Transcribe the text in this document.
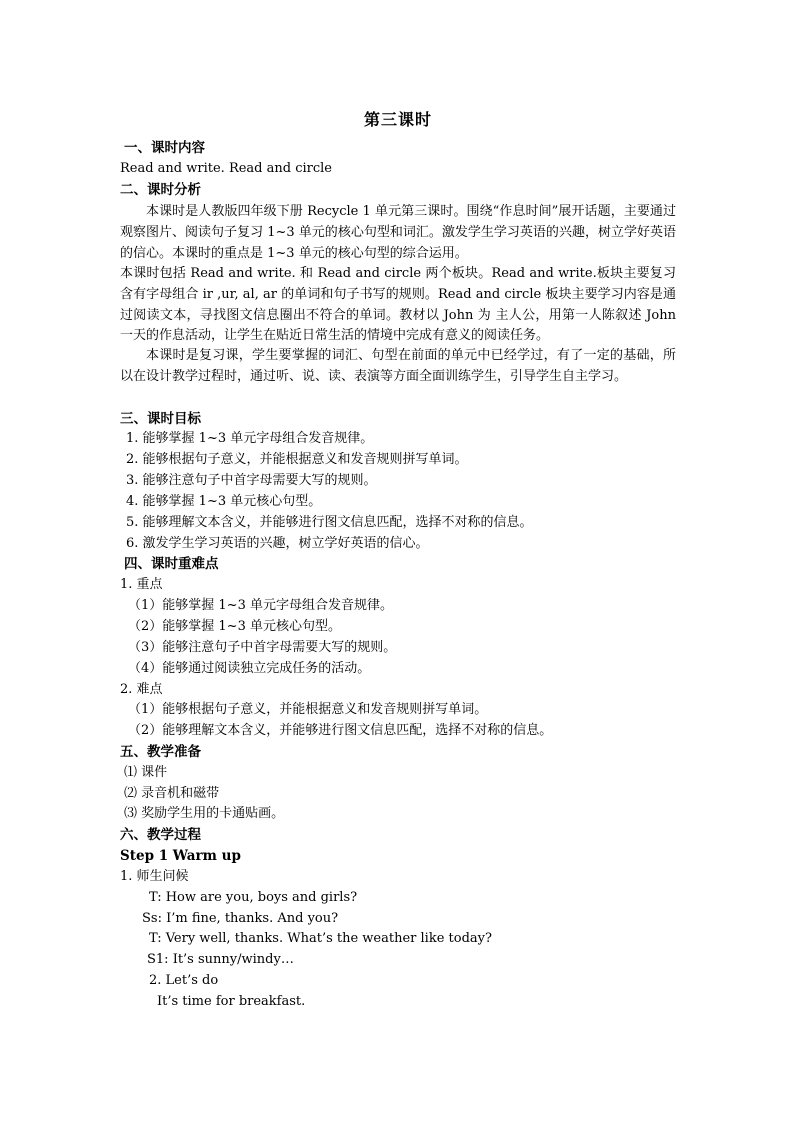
第三课时
一、课时内容
Read and write. Read and circle
二、课时分析
本课时是人教版四年级下册 Recycle 1 单元第三课时。围绕“作息时间”展开话题，主要通过观察图片、阅读句子复习 1~3 单元的核心句型和词汇。激发学生学习英语的兴趣，树立学好英语的信心。本课时的重点是 1~3 单元的核心句型的综合运用。
本课时包括 Read and write. 和 Read and circle 两个板块。Read and write.板块主要复习含有字母组合 ir ,ur, al, ar 的单词和句子书写的规则。Read and circle 板块主要学习内容是通过阅读文本，寻找图文信息圈出不符合的单词。教材以 John 为 主人公，用第一人陈叙述 John 一天的作息活动，让学生在贴近日常生活的情境中完成有意义的阅读任务。
本课时是复习课，学生要掌握的词汇、句型在前面的单元中已经学过，有了一定的基础，所以在设计教学过程时，通过听、说、读、表演等方面全面训练学生，引导学生自主学习。
三、课时目标
1. 能够掌握 1~3 单元字母组合发音规律。
2. 能够根据句子意义，并能根据意义和发音规则拼写单词。
3. 能够注意句子中首字母需要大写的规则。
4. 能够掌握 1~3 单元核心句型。
5. 能够理解文本含义，并能够进行图文信息匹配，选择不对称的信息。
6. 激发学生学习英语的兴趣，树立学好英语的信心。
四、课时重难点
1. 重点
（1）能够掌握 1~3 单元字母组合发音规律。
（2）能够掌握 1~3 单元核心句型。
（3）能够注意句子中首字母需要大写的规则。
（4）能够通过阅读独立完成任务的活动。
2. 难点
（1）能够根据句子意义，并能根据意义和发音规则拼写单词。
（2）能够理解文本含义，并能够进行图文信息匹配，选择不对称的信息。
五、教学准备
⑴ 课件
⑵ 录音机和磁带
⑶ 奖励学生用的卡通贴画。
六、教学过程
Step 1 Warm up
1. 师生问候
T: How are you, boys and girls?
Ss: I’m fine, thanks. And you?
T: Very well, thanks. What’s the weather like today?
S1: It’s sunny/windy…
2. Let’s do
It’s time for breakfast.
